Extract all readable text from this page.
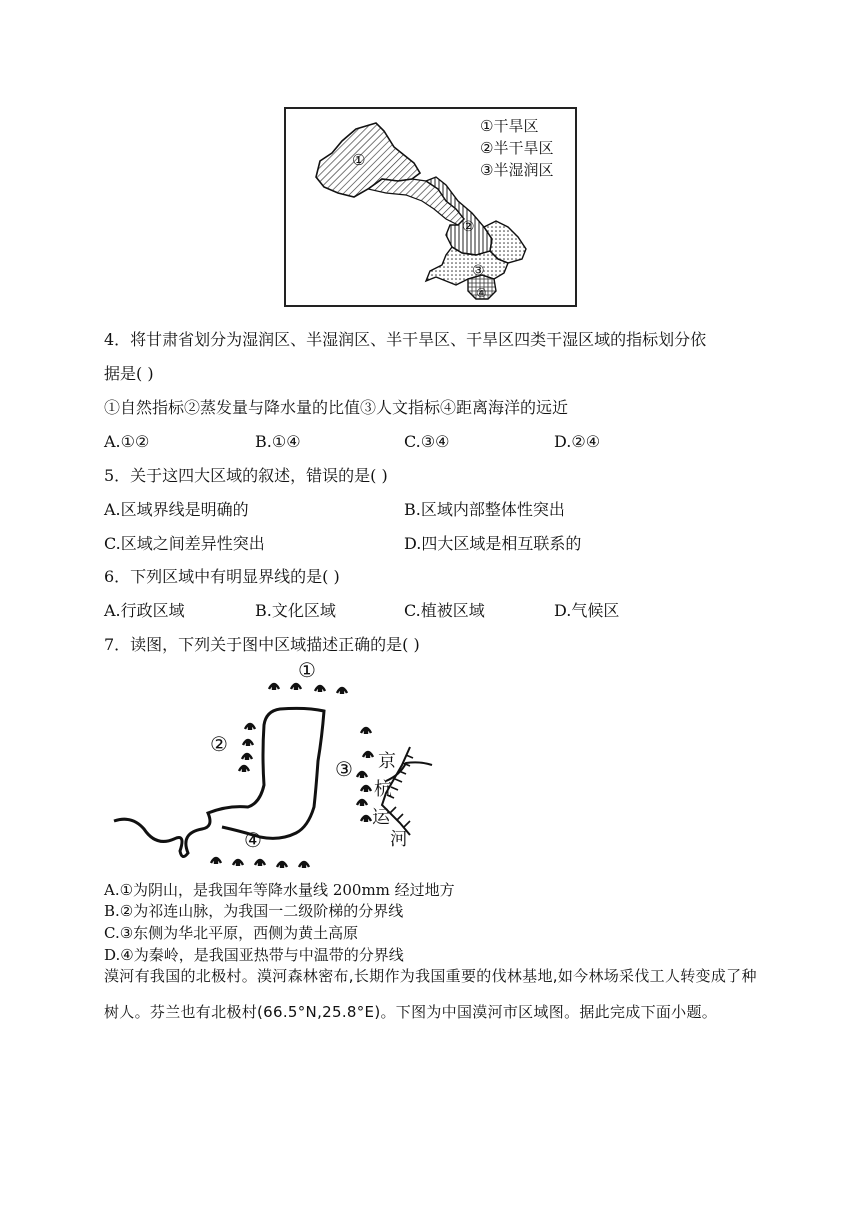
①
②
③
④
①干旱区
②半干旱区
③半湿润区
4．将甘肃省划分为湿润区、半湿润区、半干旱区、干旱区四类干湿区域的指标划分依
据是( )
①自然指标②蒸发量与降水量的比值③人文指标④距离海洋的远近
A.①②	B.①④	C.③④	D.②④
5．关于这四大区域的叙述，错误的是( )
A.区域界线是明确的	B.区域内部整体性突出
C.区域之间差异性突出	D.四大区域是相互联系的
6．下列区域中有明显界线的是( )
A.行政区域	B.文化区域	C.植被区域	D.气候区
7．读图，下列关于图中区域描述正确的是( )
①
②
③
④
京
杭
运
河
A.①为阴山，是我国年等降水量线 200mm 经过地方
B.②为祁连山脉，为我国一二级阶梯的分界线
C.③东侧为华北平原，西侧为黄土高原
D.④为秦岭，是我国亚热带与中温带的分界线
漠河有我国的北极村。漠河森林密布,长期作为我国重要的伐林基地,如今林场采伐工人转变成了种树人。芬兰也有北极村(66.5°N,25.8°E)。下图为中国漠河市区域图。据此完成下面小题。
